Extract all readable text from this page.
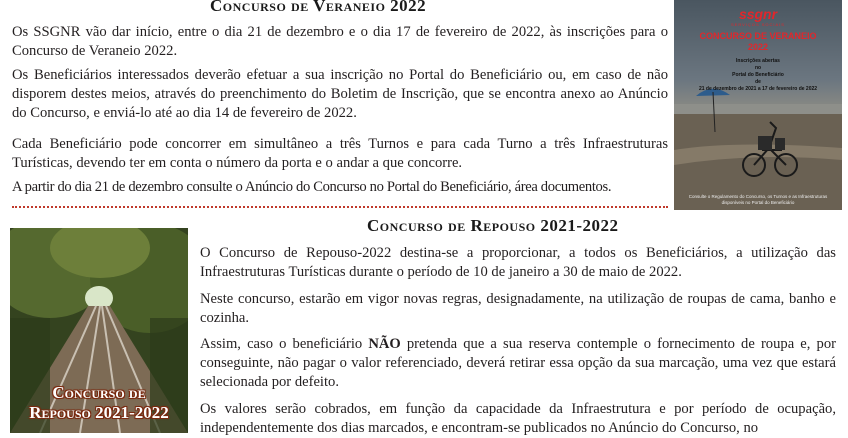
Concurso de Veraneio 2022

Os SSGNR vão dar início, entre o dia 21 de dezembro e o dia 17 de fevereiro de 2022, às inscrições para o Concurso de Veraneio 2022.

Os Beneficiários interessados deverão efetuar a sua inscrição no Portal do Beneficiário ou, em caso de não disporem destes meios, através do preenchimento do Boletim de Inscrição, que se encontra anexo ao Anúncio do Concurso, e enviá-lo até ao dia 14 de fevereiro de 2022.

Cada Beneficiário pode concorrer em simultâneo a três Turnos e para cada Turno a três Infraestruturas Turísticas, devendo ter em conta o número da porta e o andar a que concorre.

A partir do dia 21 de dezembro consulte o Anúncio do Concurso no Portal do Beneficiário, área documentos.

ssgnr
SERVIÇOS SOCIAIS
CONCURSO DE VERANEIO
2022
Inscrições abertas
no
Portal do Beneficiário
de
21 de dezembro de 2021 a 17 de fevereiro de 2022
Consulte o Regulamento do Concurso, os Turnos e as Infraestruturas disponíveis no Portal do Beneficiário
Concurso de Repouso 2021-2022
Concurso de
Repouso 2021-2022

O Concurso de Repouso-2022 destina-se a proporcionar, a todos os Beneficiários, a utilização das Infraestruturas Turísticas durante o período de 10 de janeiro a 30 de maio de 2022.

Neste concurso, estarão em vigor novas regras, designadamente, na utilização de roupas de cama, banho e cozinha.

Assim, caso o beneficiário NÃO pretenda que a sua reserva contemple o fornecimento de roupa e, por conseguinte, não pagar o valor referenciado, deverá retirar essa opção da sua marcação, uma vez que estará selecionada por defeito.

Os valores serão cobrados, em função da capacidade da Infraestrutura e por período de ocupação, independentemente dos dias marcados, e encontram-se publicados no Anúncio do Concurso, no
